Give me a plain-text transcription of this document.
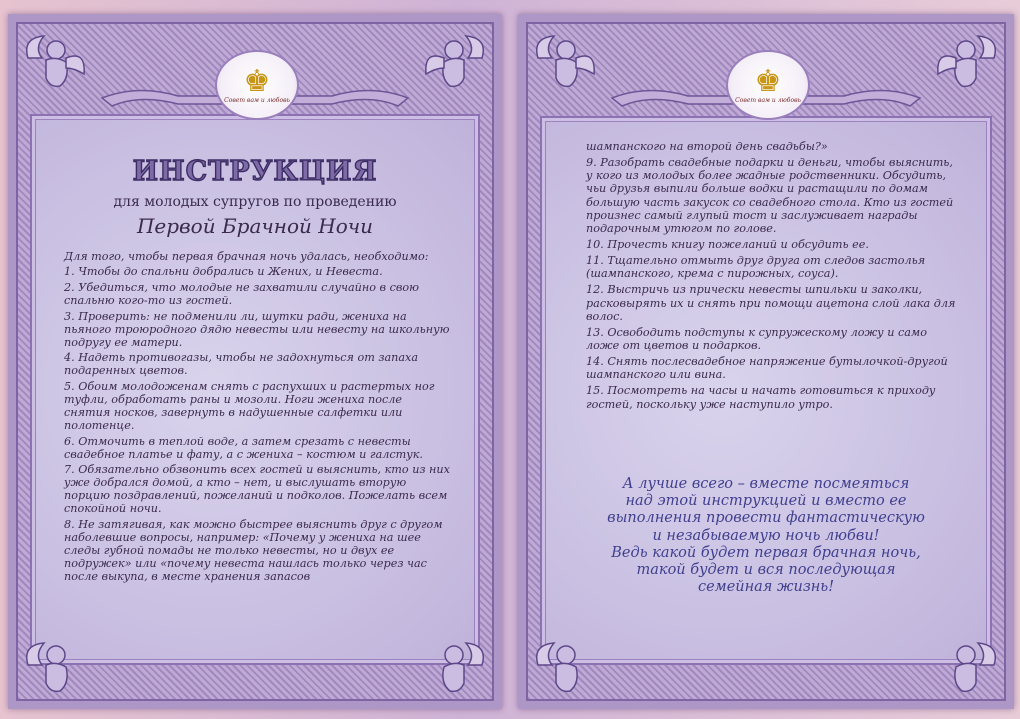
♚
Совет вам и любовь
ИНСТРУКЦИЯ
для молодых супругов по проведению
Первой Брачной Ночи

Для того, чтобы первая брачная ночь удалась, необходимо:

1. Чтобы до спальни добрались и Жених, и Невеста.

2. Убедиться, что молодые не захватили случайно в свою спальню кого-то из гостей.

3. Проверить: не подменили ли, шутки ради, жениха на пьяного троюродного дядю невесты или невесту на школьную подругу ее матери.

4. Надеть противогазы, чтобы не задохнуться от запаха подаренных цветов.

5. Обоим молодоженам снять с распухших и растертых ног туфли, обработать раны и мозоли. Ноги жениха после снятия носков, завернуть в надушенные салфетки или полотенце.

6. Отмочить в теплой воде, а затем срезать с невесты свадебное платье и фату, а с жениха – костюм и галстук.

7. Обязательно обзвонить всех гостей и выяснить, кто из них уже добрался домой, а кто – нет, и выслушать вторую порцию поздравлений, пожеланий и подколов. Пожелать всем спокойной ночи.

8. Не затягивая, как можно быстрее выяснить друг с другом наболевшие вопросы, например: «Почему у жениха на шее следы губной помады не только невесты, но и двух ее подружек» или «почему невеста нашлась только через час после выкупа, в месте хранения запасов

♚
Совет вам и любовь

шампанского на второй день свадьбы?»

9. Разобрать свадебные подарки и деньги, чтобы выяснить, у кого из молодых более жадные родственники. Обсудить, чьи друзья выпили больше водки и растащили по домам большую часть закусок со свадебного стола. Кто из гостей произнес самый глупый тост и заслуживает награды подарочным утюгом по голове.

10. Прочесть книгу пожеланий и обсудить ее.

11. Тщательно отмыть друг друга от следов застолья (шампанского, крема с пирожных, соуса).

12. Выстричь из прически невесты шпильки и заколки, расковырять их и снять при помощи ацетона слой лака для волос.

13. Освободить подступы к супружескому ложу и само ложе от цветов и подарков.

14. Снять послесвадебное напряжение бутылочкой-другой шампанского или вина.

15. Посмотреть на часы и начать готовиться к приходу гостей, поскольку уже наступило утро.

А лучше всего – вместе посмеяться
над этой инструкцией и вместо ее
выполнения провести фантастическую
и незабываемую ночь любви!
Ведь какой будет первая брачная ночь,
такой будет и вся последующая
семейная жизнь!
